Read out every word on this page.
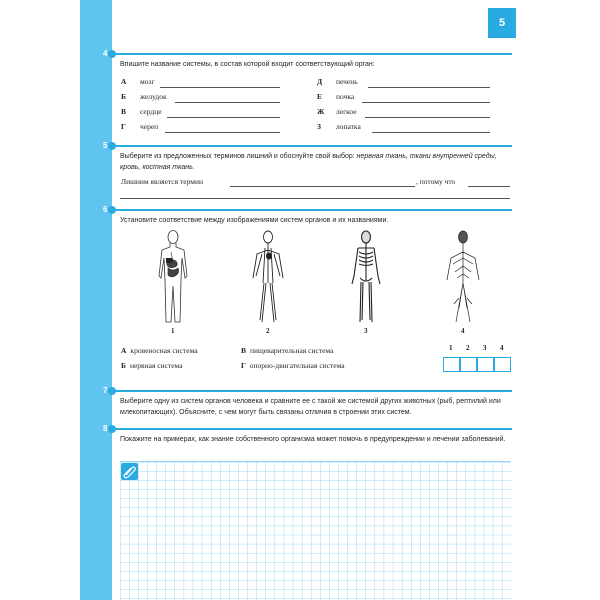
5
4
Впишите название системы, в состав которой входит соответствующий орган:
А мозг
Б желудок
В сердце
Г череп
Д печень
Е почка
Ж легкое
З лопатка
5
Выберите из предложенных терминов лишний и обоснуйте свой выбор: нервная ткань, ткани внутренней среды, кровь, костная ткань.
Лишним является термин	, потому что
6
Установите соответствие между изображениями систем органов и их названиями.
1	2	3	4
А кровеносная система	В пищеварительная система
Б нервная система	Г опорно-двигательная система
1 2 3 4
7
Выберите одну из систем органов человека и сравните ее с такой же системой других животных (рыб, рептилий или млекопитающих). Объясните, с чем могут быть связаны отличия в строении этих систем.
8
Покажите на примерах, как знание собственного организма может помочь в предупреждении и лечении заболеваний.
